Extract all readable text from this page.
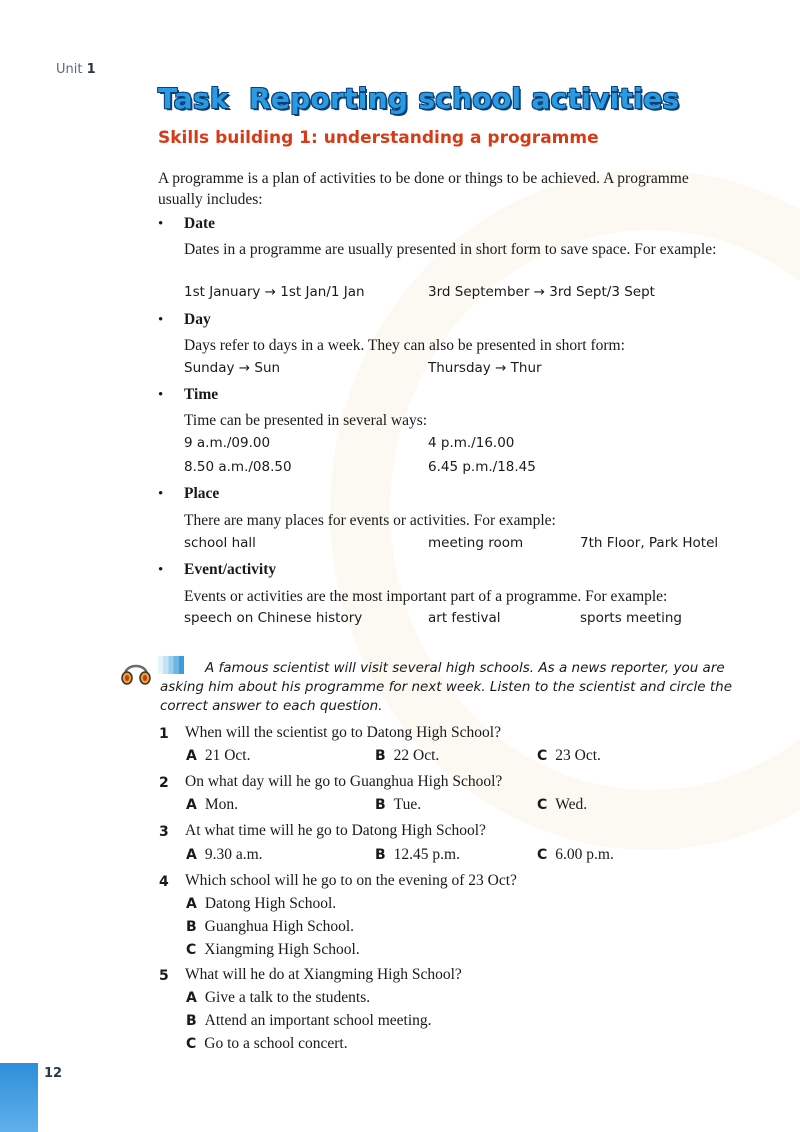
Unit 1
Task  Reporting school activities
Skills building 1: understanding a programme
A programme is a plan of activities to be done or things to be achieved. A programme usually includes:
• Date
Dates in a programme are usually presented in short form to save space. For example:
1st January → 1st Jan/1 Jan	3rd September → 3rd Sept/3 Sept
• Day
Days refer to days in a week. They can also be presented in short form:
Sunday → Sun	Thursday → Thur
• Time
Time can be presented in several ways:
9 a.m./09.00	4 p.m./16.00
8.50 a.m./08.50	6.45 p.m./18.45
• Place
There are many places for events or activities. For example:
school hall	meeting room	7th Floor, Park Hotel
• Event/activity
Events or activities are the most important part of a programme. For example:
speech on Chinese history	art festival	sports meeting
A famous scientist will visit several high schools. As a news reporter, you are asking him about his programme for next week. Listen to the scientist and circle the correct answer to each question.
1 When will the scientist go to Datong High School?
A 21 Oct.	B 22 Oct.	C 23 Oct.
2 On what day will he go to Guanghua High School?
A Mon.	B Tue.	C Wed.
3 At what time will he go to Datong High School?
A 9.30 a.m.	B 12.45 p.m.	C 6.00 p.m.
4 Which school will he go to on the evening of 23 Oct?
A Datong High School.
B Guanghua High School.
C Xiangming High School.
5 What will he do at Xiangming High School?
A Give a talk to the students.
B Attend an important school meeting.
C Go to a school concert.
12
